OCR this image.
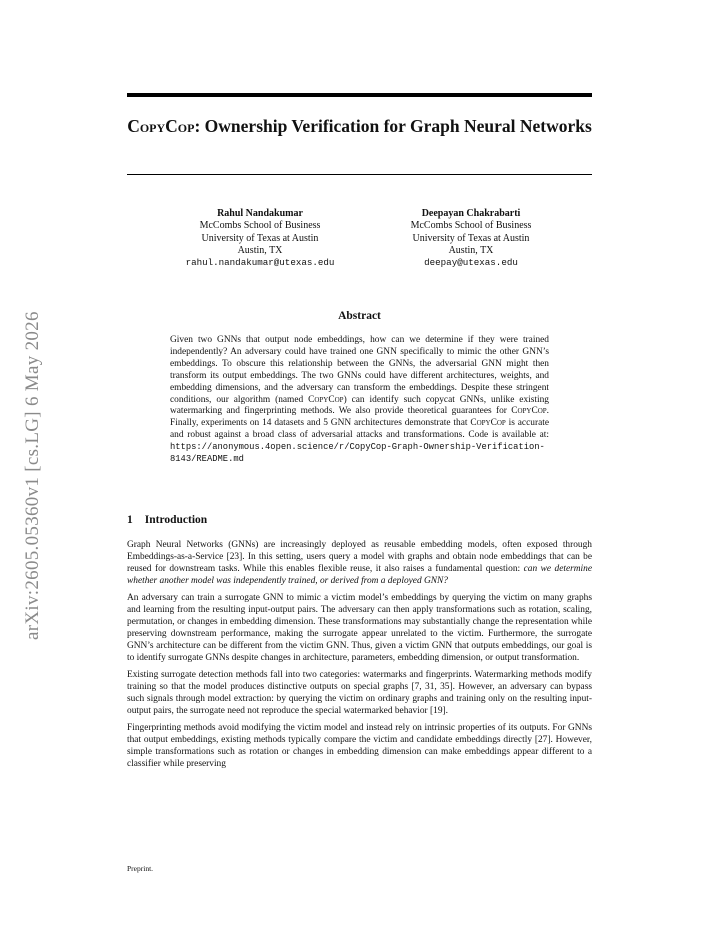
arXiv:2605.05360v1 [cs.LG] 6 May 2026
CopyCop: Ownership Verification for Graph Neural Networks
Rahul Nandakumar
McCombs School of Business
University of Texas at Austin
Austin, TX
rahul.nandakumar@utexas.edu
Deepayan Chakrabarti
McCombs School of Business
University of Texas at Austin
Austin, TX
deepay@utexas.edu
Abstract
Given two GNNs that output node embeddings, how can we determine if they were trained independently? An adversary could have trained one GNN specifically to mimic the other GNN’s embeddings. To obscure this relationship between the GNNs, the adversarial GNN might then transform its output embeddings. The two GNNs could have different architectures, weights, and embedding dimensions, and the adversary can transform the embeddings. Despite these stringent conditions, our algorithm (named CopyCop) can identify such copycat GNNs, unlike existing watermarking and fingerprinting methods. We also provide theoretical guarantees for CopyCop. Finally, experiments on 14 datasets and 5 GNN architectures demonstrate that CopyCop is accurate and robust against a broad class of adversarial attacks and transformations. Code is available at: https://anonymous.4open.science/r/CopyCop-Graph-Ownership-Verification-8143/README.md
1 Introduction

Graph Neural Networks (GNNs) are increasingly deployed as reusable embedding models, often exposed through Embeddings-as-a-Service [23]. In this setting, users query a model with graphs and obtain node embeddings that can be reused for downstream tasks. While this enables flexible reuse, it also raises a fundamental question: can we determine whether another model was independently trained, or derived from a deployed GNN?

An adversary can train a surrogate GNN to mimic a victim model’s embeddings by querying the victim on many graphs and learning from the resulting input-output pairs. The adversary can then apply transformations such as rotation, scaling, permutation, or changes in embedding dimension. These transformations may substantially change the representation while preserving downstream performance, making the surrogate appear unrelated to the victim. Furthermore, the surrogate GNN’s architecture can be different from the victim GNN. Thus, given a victim GNN that outputs embeddings, our goal is to identify surrogate GNNs despite changes in architecture, parameters, embedding dimension, or output transformation.

Existing surrogate detection methods fall into two categories: watermarks and fingerprints. Watermarking methods modify training so that the model produces distinctive outputs on special graphs [7, 31, 35]. However, an adversary can bypass such signals through model extraction: by querying the victim on ordinary graphs and training only on the resulting input-output pairs, the surrogate need not reproduce the special watermarked behavior [19].

Fingerprinting methods avoid modifying the victim model and instead rely on intrinsic properties of its outputs. For GNNs that output embeddings, existing methods typically compare the victim and candidate embeddings directly [27]. However, simple transformations such as rotation or changes in embedding dimension can make embeddings appear different to a classifier while preserving

Preprint.
